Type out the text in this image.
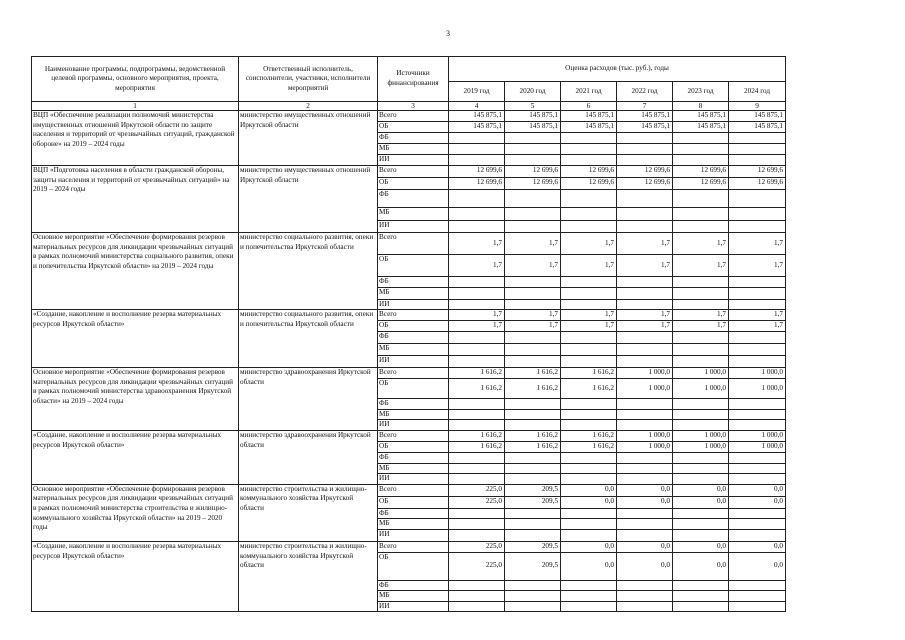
3
Наименование программы, подпрограммы, ведомственной целевой программы, основного мероприятия, проекта, мероприятия	Ответственный исполнитель, соисполнители, участники, исполнители мероприятий	Источники финансирования	Оценка расходов (тыс. руб.), годы					
			2019 год	2020 год	2021 год	2022 год	2023 год	2024 год
1	2	3	4	5	6	7	8	9
ВЦП «Обеспечение реализации полномочий министерства имущественных отношений Иркутской области по защите населения и территорий от чрезвычайных ситуаций, гражданской обороне» на 2019 – 2024 годы	министерство имущественных отношений Иркутской области	Всего	145 875,1	145 875,1	145 875,1	145 875,1	145 875,1	145 875,1
		ОБ	145 875,1	145 875,1	145 875,1	145 875,1	145 875,1	145 875,1
		ФБ						
		МБ						
		ИИ						
ВЦП «Подготовка населения в области гражданской обороны, защиты населения и территорий от чрезвычайных ситуаций» на 2019 – 2024 годы	министерство имущественных отношений Иркутской области	Всего	12 699,6	12 699,6	12 699,6	12 699,6	12 699,6	12 699,6
		ОБ	12 699,6	12 699,6	12 699,6	12 699,6	12 699,6	12 699,6
		ФБ						
		МБ						
		ИИ						
Основное мероприятие «Обеспечение формирования резервов материальных ресурсов для ликвидации чрезвычайных ситуаций в рамках полномочий министерства социального развития, опеки и попечительства Иркутской области» на 2019 – 2024 годы	министерство социального развития, опеки и попечительства Иркутской области	Всего	1,7	1,7	1,7	1,7	1,7	1,7
		ОБ	1,7	1,7	1,7	1,7	1,7	1,7
		ФБ						
		МБ						
		ИИ						
«Создание, накопление и восполнение резерва материальных ресурсов Иркутской области»	министерство социального развития, опеки и попечительства Иркутской области	Всего	1,7	1,7	1,7	1,7	1,7	1,7
		ОБ	1,7	1,7	1,7	1,7	1,7	1,7
		ФБ						
		МБ						
		ИИ						
Основное мероприятие «Обеспечение формирования резервов материальных ресурсов для ликвидации чрезвычайных ситуаций в рамках полномочий министерства здравоохранения Иркутской области» на 2019 – 2024 годы	министерство здравоохранения Иркутской области	Всего	1 616,2	1 616,2	1 616,2	1 000,0	1 000,0	1 000,0
		ОБ	1 616,2	1 616,2	1 616,2	1 000,0	1 000,0	1 000,0
		ФБ						
		МБ						
		ИИ						
«Создание, накопление и восполнение резерва материальных ресурсов Иркутской области»	министерство здравоохранения Иркутской области	Всего	1 616,2	1 616,2	1 616,2	1 000,0	1 000,0	1 000,0
		ОБ	1 616,2	1 616,2	1 616,2	1 000,0	1 000,0	1 000,0
		ФБ						
		МБ						
		ИИ						
Основное мероприятие «Обеспечение формирования резервов материальных ресурсов для ликвидации чрезвычайных ситуаций в рамках полномочий министерства строительства и жилищно-коммунального хозяйства Иркутской области» на 2019 – 2020 годы	министерство строительства и жилищно-коммунального хозяйства Иркутской области	Всего	225,0	209,5	0,0	0,0	0,0	0,0
		ОБ	225,0	209,5	0,0	0,0	0,0	0,0
		ФБ						
		МБ						
		ИИ						
«Создание, накопление и восполнение резерва материальных ресурсов Иркутской области»	министерство строительства и жилищно-коммунального хозяйства Иркутской области	Всего	225,0	209,5	0,0	0,0	0,0	0,0
		ОБ	225,0	209,5	0,0	0,0	0,0	0,0
		ФБ						
		МБ						
		ИИ						
